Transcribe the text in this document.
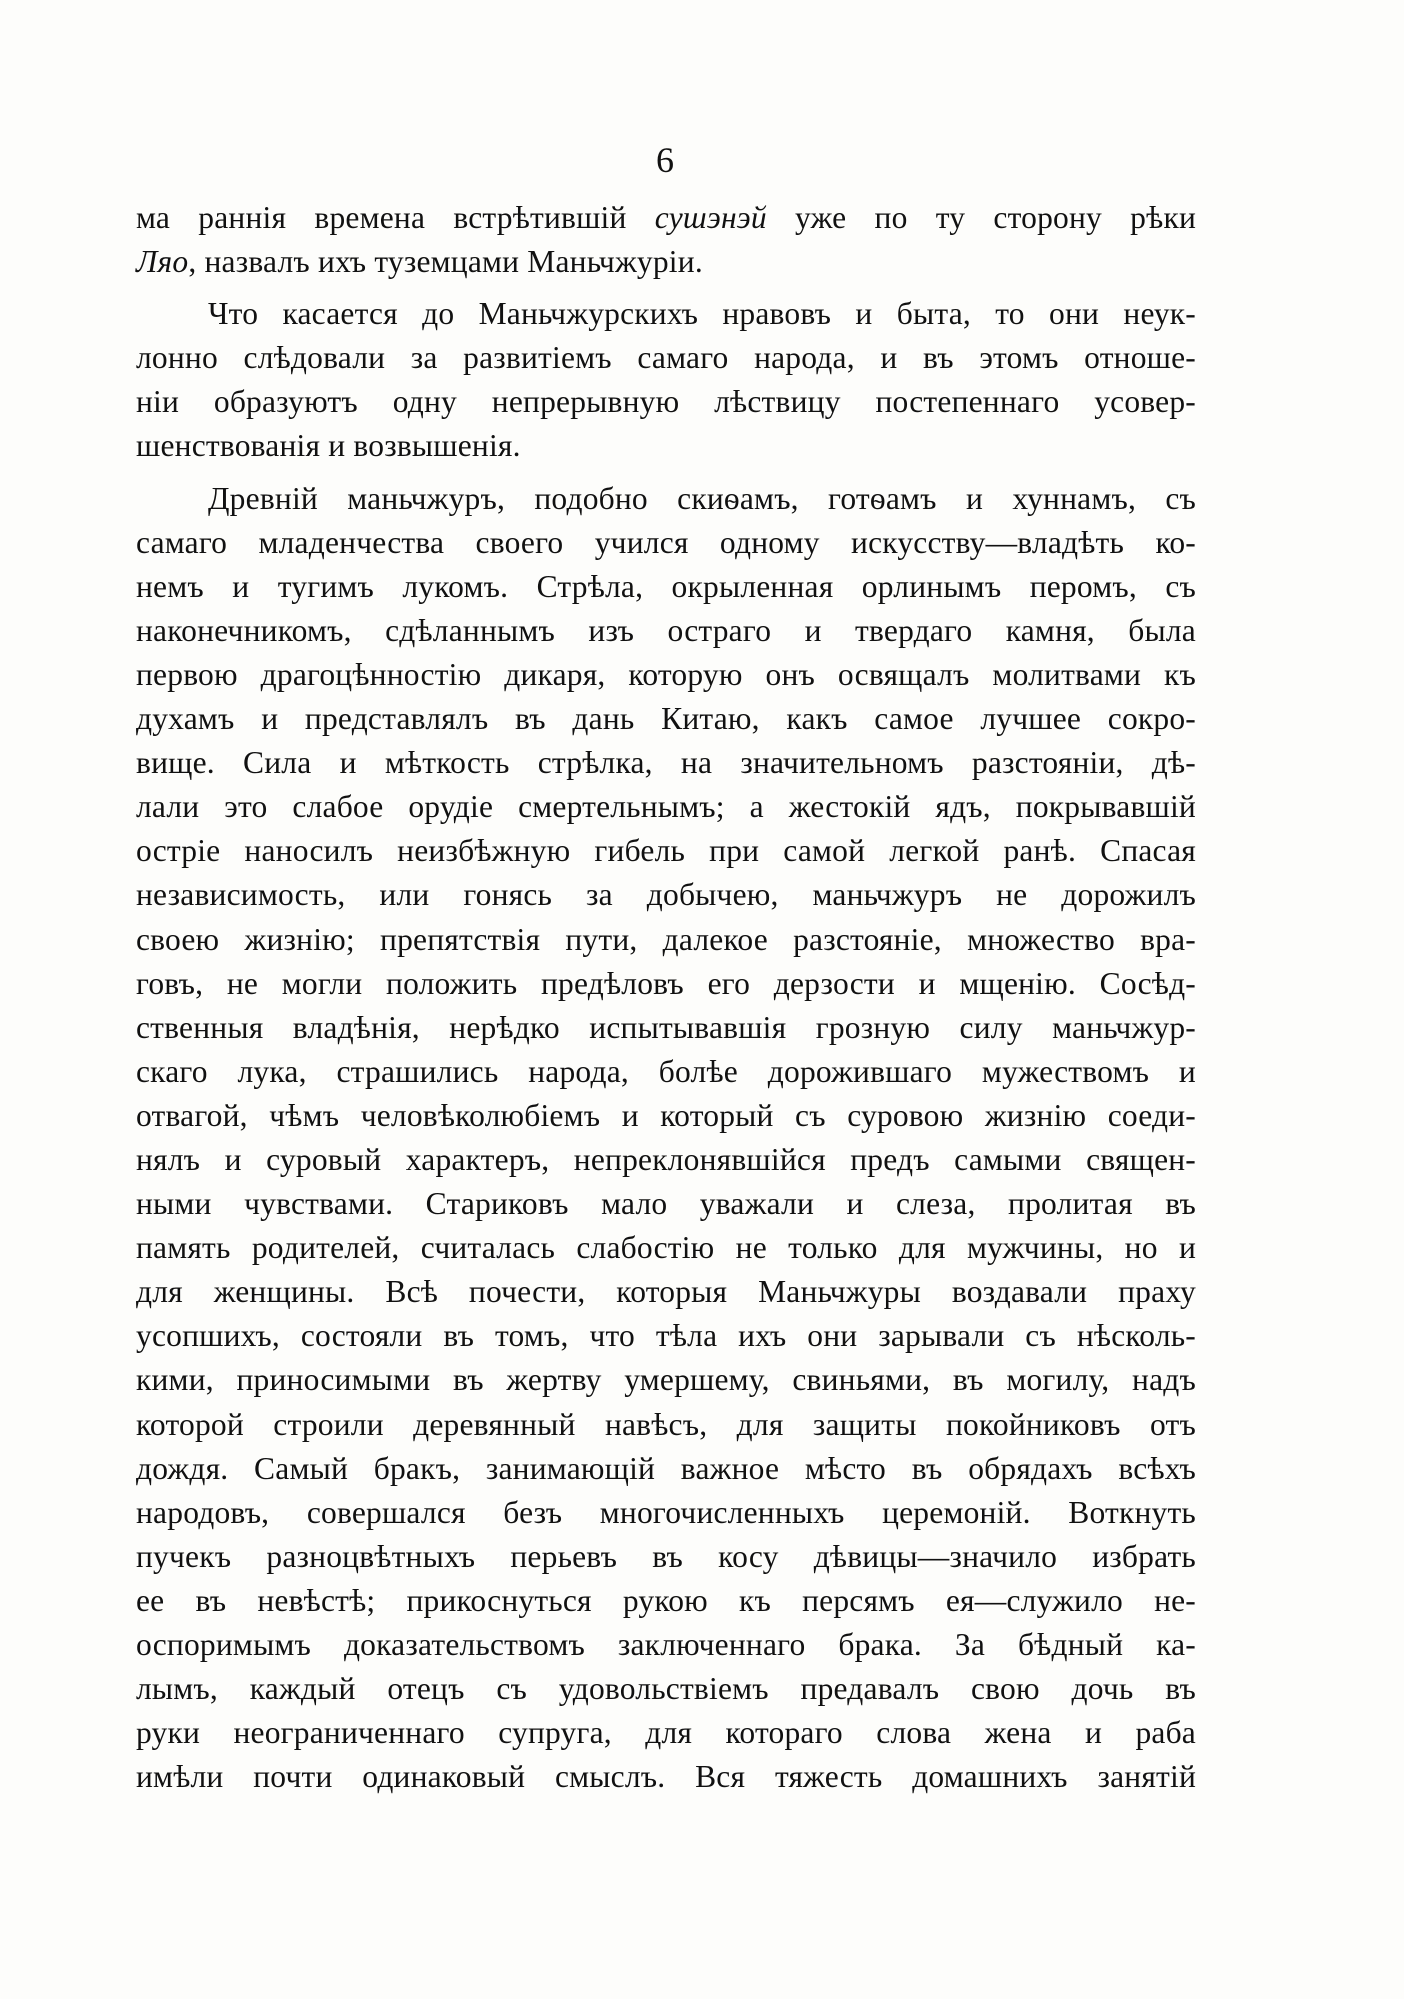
6
ма раннія времена встрѣтившій сушэнэй уже по ту сторону рѣки
Ляо, назвалъ ихъ туземцами Маньчжуріи.
Что касается до Маньчжурскихъ нравовъ и быта, то они неук-
лонно слѣдовали за развитіемъ самаго народа, и въ этомъ отноше-
ніи образуютъ одну непрерывную лѣствицу постепеннаго усовер-
шенствованія и возвышенія.
Древній маньчжуръ, подобно скиѳамъ, готѳамъ и хуннамъ, съ
самаго младенчества своего учился одному искусству—владѣть ко-
немъ и тугимъ лукомъ. Стрѣла, окрыленная орлинымъ перомъ, съ
наконечникомъ, сдѣланнымъ изъ остраго и твердаго камня, была
первою драгоцѣнностію дикаря, которую онъ освящалъ молитвами къ
духамъ и представлялъ въ дань Китаю, какъ самое лучшее сокро-
вище. Сила и мѣткость стрѣлка, на значительномъ разстояніи, дѣ-
лали это слабое орудіе смертельнымъ; а жестокій ядъ, покрывавшій
остріе наносилъ неизбѣжную гибель при самой легкой ранѣ. Спасая
независимость, или гонясь за добычею, маньчжуръ не дорожилъ
своею жизнію; препятствія пути, далекое разстояніе, множество вра-
говъ, не могли положить предѣловъ его дерзости и мщенію. Сосѣд-
ственныя владѣнія, нерѣдко испытывавшія грозную силу маньчжур-
скаго лука, страшились народа, болѣе дорожившаго мужествомъ и
отвагой, чѣмъ человѣколюбіемъ и который съ суровою жизнію соеди-
нялъ и суровый характеръ, непреклонявшійся предъ самыми священ-
ными чувствами. Стариковъ мало уважали и слеза, пролитая въ
память родителей, считалась слабостію не только для мужчины, но и
для женщины. Всѣ почести, которыя Маньчжуры воздавали праху
усопшихъ, состояли въ томъ, что тѣла ихъ они зарывали съ нѣсколь-
кими, приносимыми въ жертву умершему, свиньями, въ могилу, надъ
которой строили деревянный навѣсъ, для защиты покойниковъ отъ
дождя. Самый бракъ, занимающій важное мѣсто въ обрядахъ всѣхъ
народовъ, совершался безъ многочисленныхъ церемоній. Воткнуть
пучекъ разноцвѣтныхъ перьевъ въ косу дѣвицы—значило избрать
ее въ невѣстѣ; прикоснуться рукою къ персямъ ея—служило не-
оспоримымъ доказательствомъ заключеннаго брака. За бѣдный ка-
лымъ, каждый отецъ съ удовольствіемъ предавалъ свою дочь въ
руки неограниченнаго супруга, для котораго слова жена и раба
имѣли почти одинаковый смыслъ. Вся тяжесть домашнихъ занятій
